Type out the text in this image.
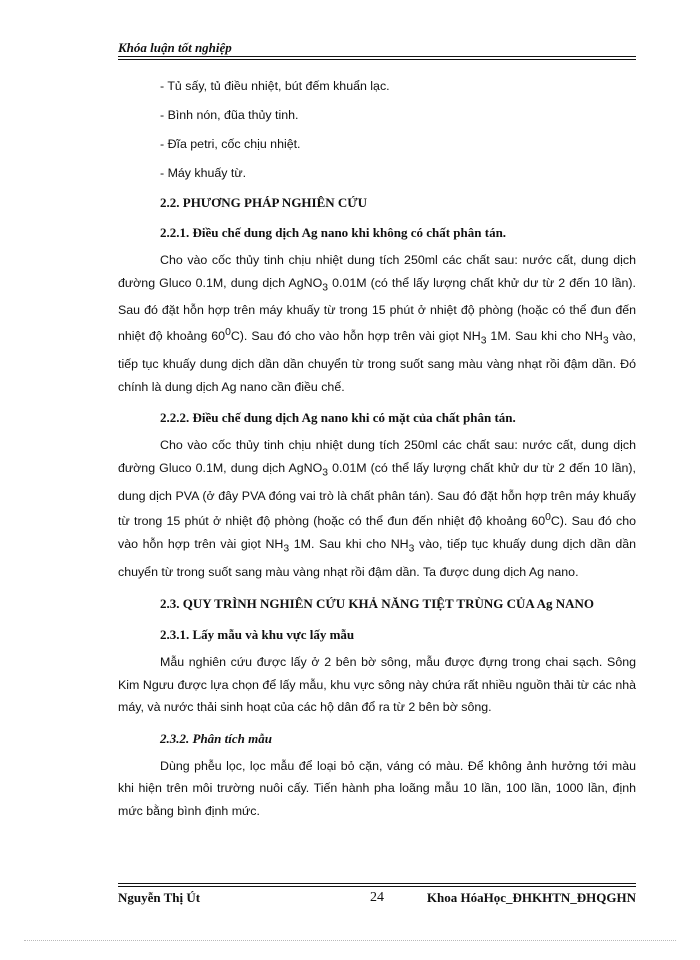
Khóa luận tốt nghiệp

- Tủ sấy, tủ điều nhiệt, bút đếm khuẩn lạc.

- Bình nón, đũa thủy tinh.

- Đĩa petri, cốc chịu nhiệt.

- Máy khuấy từ.

2.2. PHƯƠNG PHÁP NGHIÊN CỨU

2.2.1. Điều chế dung dịch Ag nano khi không có chất phân tán.

Cho vào cốc thủy tinh chịu nhiệt dung tích 250ml các chất sau: nước cất, dung dịch đường Gluco 0.1M, dung dịch AgNO$_3$ 0.01M (có thể lấy lượng chất khử dư từ 2 đến 10 lần). Sau đó đặt hỗn hợp trên máy khuấy từ trong 15 phút ở nhiệt độ phòng (hoặc có thể đun đến nhiệt độ khoảng $60^0C$). Sau đó cho vào hỗn hợp trên vài giọt $NH_3$ 1M. Sau khi cho $NH_3$ vào, tiếp tục khuấy dung dịch dần dần chuyển từ trong suốt sang màu vàng nhạt rồi đậm dần. Đó chính là dung dịch Ag nano cần điều chế.

2.2.2. Điều chế dung dịch Ag nano khi có mặt của chất phân tán.

Cho vào cốc thủy tinh chịu nhiệt dung tích 250ml các chất sau: nước cất, dung dịch đường Gluco 0.1M, dung dịch AgNO$_3$ 0.01M (có thể lấy lượng chất khử dư từ 2 đến 10 lần), dung dịch PVA (ở đây PVA đóng vai trò là chất phân tán). Sau đó đặt hỗn hợp trên máy khuấy từ trong 15 phút ở nhiệt độ phòng (hoặc có thể đun đến nhiệt độ khoảng $60^0C$). Sau đó cho vào hỗn hợp trên vài giọt $NH_3$ 1M. Sau khi cho $NH_3$ vào, tiếp tục khuấy dung dịch dần dần chuyển từ trong suốt sang màu vàng nhạt rồi đậm dần. Ta được dung dịch Ag nano.

2.3. QUY TRÌNH NGHIÊN CỨU KHẢ NĂNG TIỆT TRÙNG CỦA Ag NANO

2.3.1. Lấy mẫu và khu vực lấy mẫu

Mẫu nghiên cứu được lấy ở 2 bên bờ sông, mẫu được đựng trong chai sạch. Sông Kim Ngưu được lựa chọn để lấy mẫu, khu vực sông này chứa rất nhiều nguồn thải từ các nhà máy, và nước thải sinh hoạt của các hộ dân đổ ra từ 2 bên bờ sông.

2.3.2. Phân tích mẫu

Dùng phễu lọc, lọc mẫu để loại bỏ cặn, váng có màu. Để không ảnh hưởng tới màu khi hiện trên môi trường nuôi cấy. Tiến hành pha loãng mẫu 10 lần, 100 lần, 1000 lần, định mức bằng bình định mức.

Nguyễn Thị Út	24	Khoa HóaHọc_ĐHKHTN_ĐHQGHN
